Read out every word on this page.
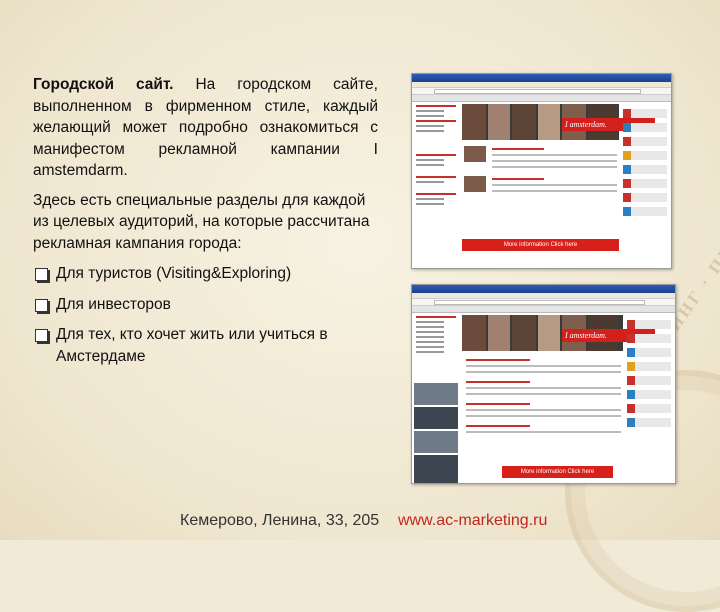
Городской сайт. На городском сайте, выполненном в фирменном стиле, каждый желающий может подробно ознакомиться с манифестом рекламной кампании I amstemdarm.

Здесь есть специальные разделы для каждой из целевых аудиторий, на которые рассчитана рекламная кампания города:

Для туристов (Visiting&Exploring)
Для инвесторов
Для тех, кто хочет жить или учиться в Амстердаме
I amsterdam.
More information Click here
I amsterdam.
More information Click here
Кемерово, Ленина, 33, 205 www.ac-marketing.ru
